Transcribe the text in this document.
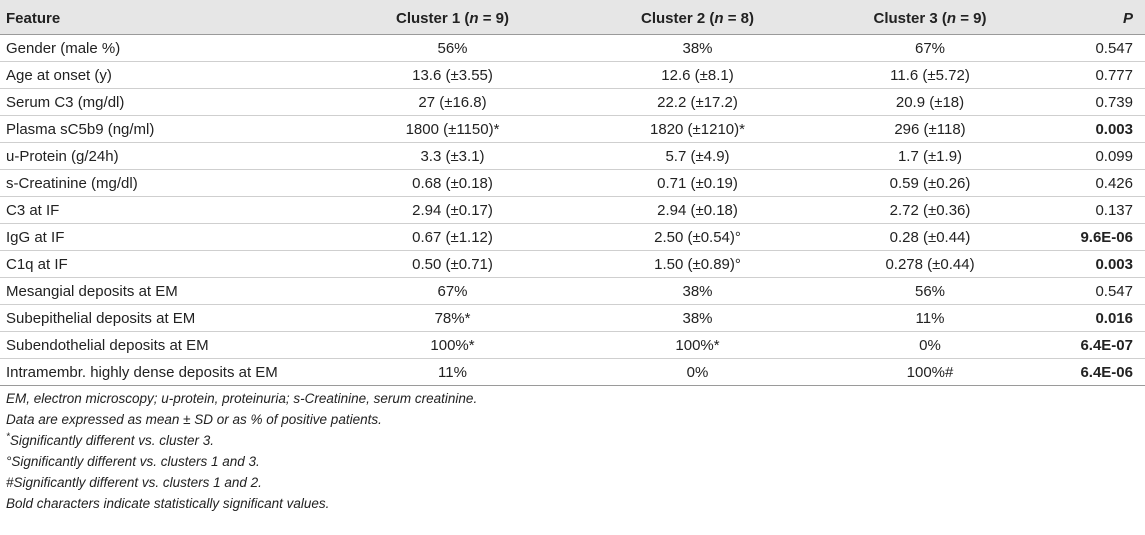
Feature	Cluster 1 (n = 9)	Cluster 2 (n = 8)	Cluster 3 (n = 9)	P
Gender (male %)	56%	38%	67%	0.547
Age at onset (y)	13.6 (±3.55)	12.6 (±8.1)	11.6 (±5.72)	0.777
Serum C3 (mg/dl)	27 (±16.8)	22.2 (±17.2)	20.9 (±18)	0.739
Plasma sC5b9 (ng/ml)	1800 (±1150)*	1820 (±1210)*	296 (±118)	0.003
u-Protein (g/24h)	3.3 (±3.1)	5.7 (±4.9)	1.7 (±1.9)	0.099
s-Creatinine (mg/dl)	0.68 (±0.18)	0.71 (±0.19)	0.59 (±0.26)	0.426
C3 at IF	2.94 (±0.17)	2.94 (±0.18)	2.72 (±0.36)	0.137
IgG at IF	0.67 (±1.12)	2.50 (±0.54)°	0.28 (±0.44)	9.6E-06
C1q at IF	0.50 (±0.71)	1.50 (±0.89)°	0.278 (±0.44)	0.003
Mesangial deposits at EM	67%	38%	56%	0.547
Subepithelial deposits at EM	78%*	38%	11%	0.016
Subendothelial deposits at EM	100%*	100%*	0%	6.4E-07
Intramembr. highly dense deposits at EM	11%	0%	100%#	6.4E-06
EM, electron microscopy; u-protein, proteinuria; s-Creatinine, serum creatinine.
Data are expressed as mean ± SD or as % of positive patients.
*Significantly different vs. cluster 3.
°Significantly different vs. clusters 1 and 3.
#Significantly different vs. clusters 1 and 2.
Bold characters indicate statistically significant values.
